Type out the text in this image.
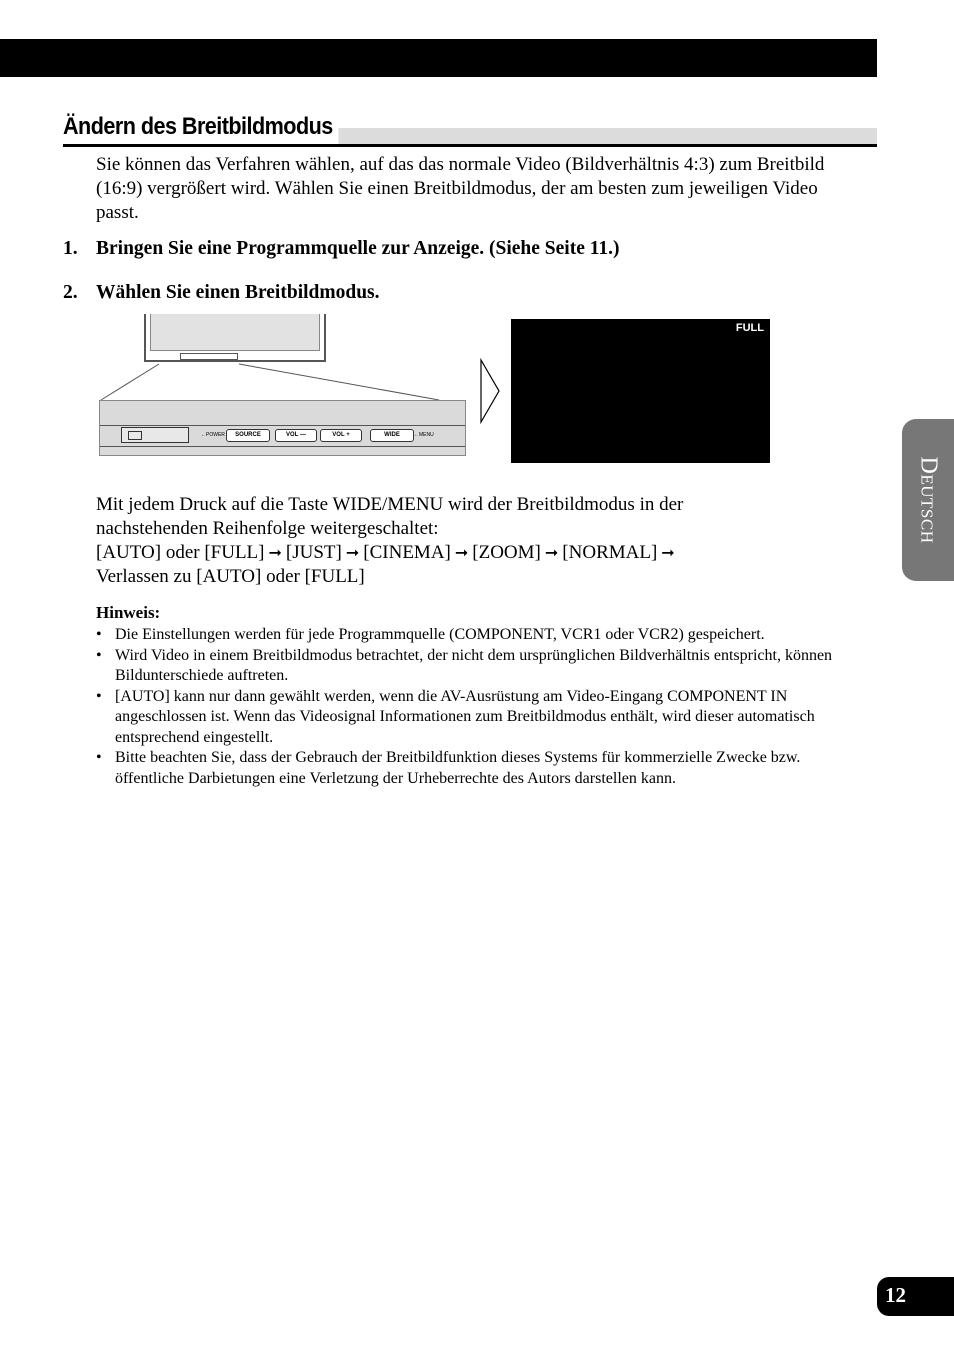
Ändern des Breitbildmodus

Sie können das Verfahren wählen, auf das das normale Video (Bildverhältnis 4:3) zum Breitbild (16:9) vergrößert wird. Wählen Sie einen Breitbildmodus, der am besten zum jeweiligen Video passt.

1. Bringen Sie eine Programmquelle zur Anzeige. (Siehe Seite 11.)

2. Wählen Sie einen Breitbildmodus.

←POWER	SOURCE	VOL —	VOL +	WIDE	←MENU
FULL
Mit jedem Druck auf die Taste WIDE/MENU wird der Breitbildmodus in der
nachstehenden Reihenfolge weitergeschaltet:
[AUTO] oder [FULL] ➞ [JUST] ➞ [CINEMA] ➞ [ZOOM] ➞ [NORMAL] ➞
Verlassen zu [AUTO] oder [FULL]

Hinweis:

• Die Einstellungen werden für jede Programmquelle (COMPONENT, VCR1 oder VCR2) gespeichert.
• Wird Video in einem Breitbildmodus betrachtet, der nicht dem ursprünglichen Bildverhältnis entspricht, können Bildunterschiede auftreten.
• [AUTO] kann nur dann gewählt werden, wenn die AV-Ausrüstung am Video-Eingang COMPONENT IN angeschlossen ist. Wenn das Videosignal Informationen zum Breitbildmodus enthält, wird dieser automatisch entsprechend eingestellt.
• Bitte beachten Sie, dass der Gebrauch der Breitbildfunktion dieses Systems für kommerzielle Zwecke bzw. öffentliche Darbietungen eine Verletzung der Urheberrechte des Autors darstellen kann.
Deutsch
12
